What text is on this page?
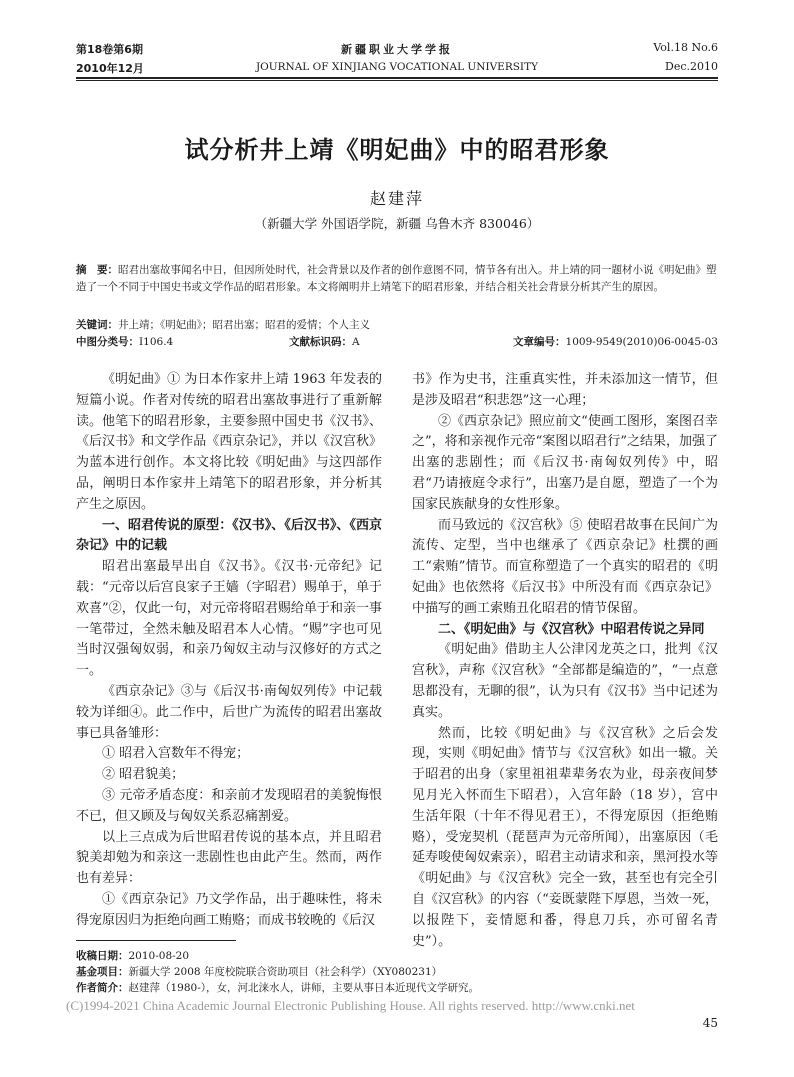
第18卷第6期
2010年12月
新疆职业大学学报
JOURNAL OF XINJIANG VOCATIONAL UNIVERSITY
Vol.18 No.6
Dec.2010
试分析井上靖《明妃曲》中的昭君形象
赵建萍
（新疆大学 外国语学院，新疆 乌鲁木齐 830046）
摘　要：昭君出塞故事闻名中日，但因所处时代，社会背景以及作者的创作意图不同，情节各有出入。井上靖的同一题材小说《明妃曲》塑造了一个不同于中国史书或文学作品的昭君形象。本文将阐明井上靖笔下的昭君形象，并结合相关社会背景分析其产生的原因。
关键词：井上靖；《明妃曲》；昭君出塞；昭君的爱情；个人主义
中图分类号：I106.4	文献标识码：A	文章编号：1009-9549(2010)06-0045-03

《明妃曲》① 为日本作家井上靖 1963 年发表的短篇小说。作者对传统的昭君出塞故事进行了重新解读。他笔下的昭君形象，主要参照中国史书《汉书》、《后汉书》和文学作品《西京杂记》，并以《汉宫秋》为蓝本进行创作。本文将比较《明妃曲》与这四部作品，阐明日本作家井上靖笔下的昭君形象，并分析其产生之原因。

一、昭君传说的原型：《汉书》、《后汉书》、《西京杂记》中的记载

昭君出塞最早出自《汉书》。《汉书·元帝纪》记载：“元帝以后宫良家子王嫱（字昭君）赐单于，单于欢喜”②，仅此一句，对元帝将昭君赐给单于和亲一事一笔带过，全然未触及昭君本人心情。“赐”字也可见当时汉强匈奴弱，和亲乃匈奴主动与汉修好的方式之一。

《西京杂记》③与《后汉书·南匈奴列传》中记载较为详细④。此二作中，后世广为流传的昭君出塞故事已具备雏形：

① 昭君入宫数年不得宠；

② 昭君貌美；

③ 元帝矛盾态度：和亲前才发现昭君的美貌悔恨不已，但又顾及与匈奴关系忍痛割爱。

以上三点成为后世昭君传说的基本点，并且昭君貌美却勉为和亲这一悲剧性也由此产生。然而，两作也有差异：

①《西京杂记》乃文学作品，出于趣味性，将未得宠原因归为拒绝向画工贿赂；而成书较晚的《后汉

书》作为史书，注重真实性，并未添加这一情节，但是涉及昭君“积悲怨”这一心理；

②《西京杂记》照应前文“使画工图形，案图召幸之”，将和亲视作元帝“案图以昭君行”之结果，加强了出塞的悲剧性；而《后汉书·南匈奴列传》中，昭君“乃请掖庭令求行”，出塞乃是自愿，塑造了一个为国家民族献身的女性形象。

而马致远的《汉宫秋》⑤ 使昭君故事在民间广为流传、定型，当中也继承了《西京杂记》杜撰的画工“索贿”情节。而宣称塑造了一个真实的昭君的《明妃曲》也依然将《后汉书》中所没有而《西京杂记》中描写的画工索贿丑化昭君的情节保留。

二、《明妃曲》与《汉宫秋》中昭君传说之异同

《明妃曲》借助主人公津冈龙英之口，批判《汉宫秋》，声称《汉宫秋》“全部都是编造的”，“一点意思都没有，无聊的很”，认为只有《汉书》当中记述为真实。

然而，比较《明妃曲》与《汉宫秋》之后会发现，实则《明妃曲》情节与《汉宫秋》如出一辙。关于昭君的出身（家里祖祖辈辈务农为业，母亲夜间梦见月光入怀而生下昭君），入宫年龄（18 岁），宫中生活年限（十年不得见君王），不得宠原因（拒绝贿赂），受宠契机（琵琶声为元帝所闻），出塞原因（毛延寿唆使匈奴索亲），昭君主动请求和亲，黑河投水等《明妃曲》与《汉宫秋》完全一致，甚至也有完全引自《汉宫秋》的内容（“妾既蒙陛下厚恩，当效一死，以报陛下，妾情愿和番，得息刀兵，亦可留名青史”）。

收稿日期：2010-08-20
基金项目：新疆大学 2008 年度校院联合资助项目（社会科学）（XY080231）
作者简介：赵建萍（1980-），女，河北涞水人，讲师，主要从事日本近现代文学研究。
(C)1994-2021 China Academic Journal Electronic Publishing House. All rights reserved. http://www.cnki.net
45
